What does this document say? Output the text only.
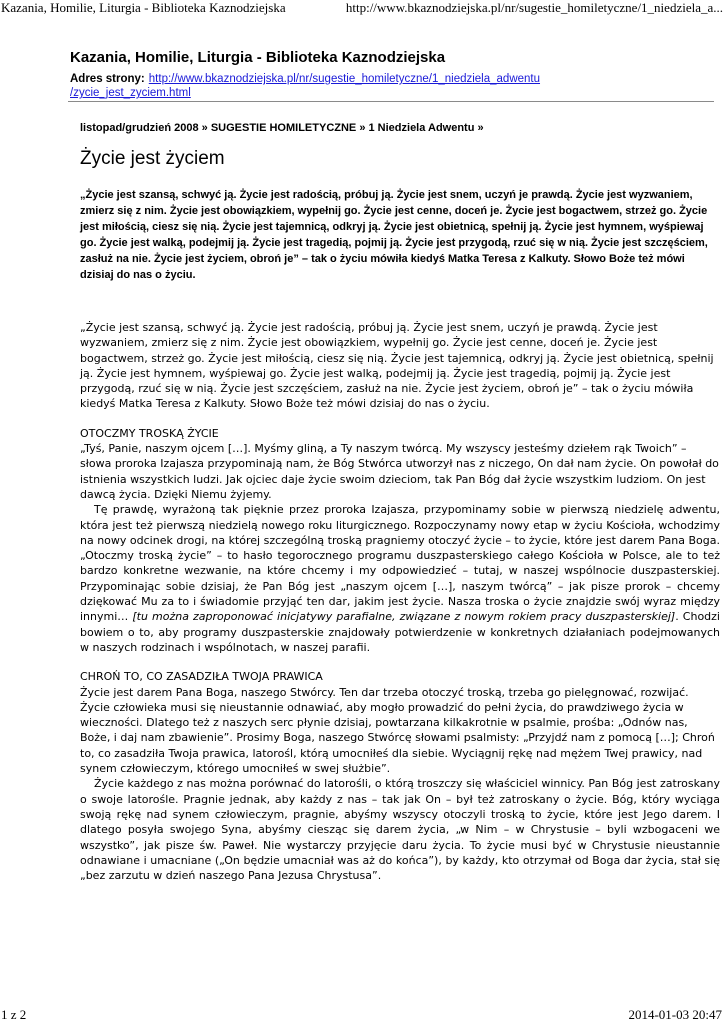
Kazania, Homilie, Liturgia - Biblioteka Kaznodziejska	http://www.bkaznodziejska.pl/nr/sugestie_homiletyczne/1_niedziela_a...
Kazania, Homilie, Liturgia - Biblioteka Kaznodziejska
Adres strony: http://www.bkaznodziejska.pl/nr/sugestie_homiletyczne/1_niedziela_adwentu
/zycie_jest_zyciem.html
listopad/grudzień 2008 » SUGESTIE HOMILETYCZNE » 1 Niedziela Adwentu »
Życie jest życiem
„Życie jest szansą, schwyć ją. Życie jest radością, próbuj ją. Życie jest snem, uczyń je prawdą. Życie jest wyzwaniem, zmierz się z nim. Życie jest obowiązkiem, wypełnij go. Życie jest cenne, doceń je. Życie jest bogactwem, strzeż go. Życie jest miłością, ciesz się nią. Życie jest tajemnicą, odkryj ją. Życie jest obietnicą, spełnij ją. Życie jest hymnem, wyśpiewaj go. Życie jest walką, podejmij ją. Życie jest tragedią, pojmij ją. Życie jest przygodą, rzuć się w nią. Życie jest szczęściem, zasłuż na nie. Życie jest życiem, obroń je” – tak o życiu mówiła kiedyś Matka Teresa z Kalkuty. Słowo Boże też mówi dzisiaj do nas o życiu.

„Życie jest szansą, schwyć ją. Życie jest radością, próbuj ją. Życie jest snem, uczyń je prawdą. Życie jest wyzwaniem, zmierz się z nim. Życie jest obowiązkiem, wypełnij go. Życie jest cenne, doceń je. Życie jest bogactwem, strzeż go. Życie jest miłością, ciesz się nią. Życie jest tajemnicą, odkryj ją. Życie jest obietnicą, spełnij ją. Życie jest hymnem, wyśpiewaj go. Życie jest walką, podejmij ją. Życie jest tragedią, pojmij ją. Życie jest przygodą, rzuć się w nią. Życie jest szczęściem, zasłuż na nie. Życie jest życiem, obroń je” – tak o życiu mówiła kiedyś Matka Teresa z Kalkuty. Słowo Boże też mówi dzisiaj do nas o życiu.

OTOCZMY TROSKĄ ŻYCIE

„Tyś, Panie, naszym ojcem […]. Myśmy gliną, a Ty naszym twórcą. My wszyscy jesteśmy dziełem rąk Twoich” – słowa proroka Izajasza przypominają nam, że Bóg Stwórca utworzył nas z niczego, On dał nam życie. On powołał do istnienia wszystkich ludzi. Jak ojciec daje życie swoim dzieciom, tak Pan Bóg dał życie wszystkim ludziom. On jest dawcą życia. Dzięki Niemu żyjemy.

Tę prawdę, wyrażoną tak pięknie przez proroka Izajasza, przypominamy sobie w pierwszą niedzielę adwentu, która jest też pierwszą niedzielą nowego roku liturgicznego. Rozpoczynamy nowy etap w życiu Kościoła, wchodzimy na nowy odcinek drogi, na której szczególną troską pragniemy otoczyć życie – to życie, które jest darem Pana Boga. „Otoczmy troską życie” – to hasło tegorocznego programu duszpasterskiego całego Kościoła w Polsce, ale to też bardzo konkretne wezwanie, na które chcemy i my odpowiedzieć – tutaj, w naszej wspólnocie duszpasterskiej. Przypominając sobie dzisiaj, że Pan Bóg jest „naszym ojcem […], naszym twórcą” – jak pisze prorok – chcemy dziękować Mu za to i świadomie przyjąć ten dar, jakim jest życie. Nasza troska o życie znajdzie swój wyraz między innymi… [tu można zaproponować inicjatywy parafialne, związane z nowym rokiem pracy duszpasterskiej]. Chodzi bowiem o to, aby programy duszpasterskie znajdowały potwierdzenie w konkretnych działaniach podejmowanych w naszych rodzinach i wspólnotach, w naszej parafii.

CHROŃ TO, CO ZASADZIŁA TWOJA PRAWICA

Życie jest darem Pana Boga, naszego Stwórcy. Ten dar trzeba otoczyć troską, trzeba go pielęgnować, rozwijać. Życie człowieka musi się nieustannie odnawiać, aby mogło prowadzić do pełni życia, do prawdziwego życia w wieczności. Dlatego też z naszych serc płynie dzisiaj, powtarzana kilkakrotnie w psalmie, prośba: „Odnów nas, Boże, i daj nam zbawienie”. Prosimy Boga, naszego Stwórcę słowami psalmisty: „Przyjdź nam z pomocą […]; Chroń to, co zasadziła Twoja prawica, latorośl, którą umocniłeś dla siebie. Wyciągnij rękę nad mężem Twej prawicy, nad synem człowieczym, którego umocniłeś w swej służbie”.

Życie każdego z nas można porównać do latorośli, o którą troszczy się właściciel winnicy. Pan Bóg jest zatroskany o swoje latorośle. Pragnie jednak, aby każdy z nas – tak jak On – był też zatroskany o życie. Bóg, który wyciąga swoją rękę nad synem człowieczym, pragnie, abyśmy wszyscy otoczyli troską to życie, które jest Jego darem. I dlatego posyła swojego Syna, abyśmy ciesząc się darem życia, „w Nim – w Chrystusie – byli wzbogaceni we wszystko”, jak pisze św. Paweł. Nie wystarczy przyjęcie daru życia. To życie musi być w Chrystusie nieustannie odnawiane i umacniane („On będzie umacniał was aż do końca”), by każdy, kto otrzymał od Boga dar życia, stał się „bez zarzutu w dzień naszego Pana Jezusa Chrystusa”.

1 z 2	2014-01-03 20:47
